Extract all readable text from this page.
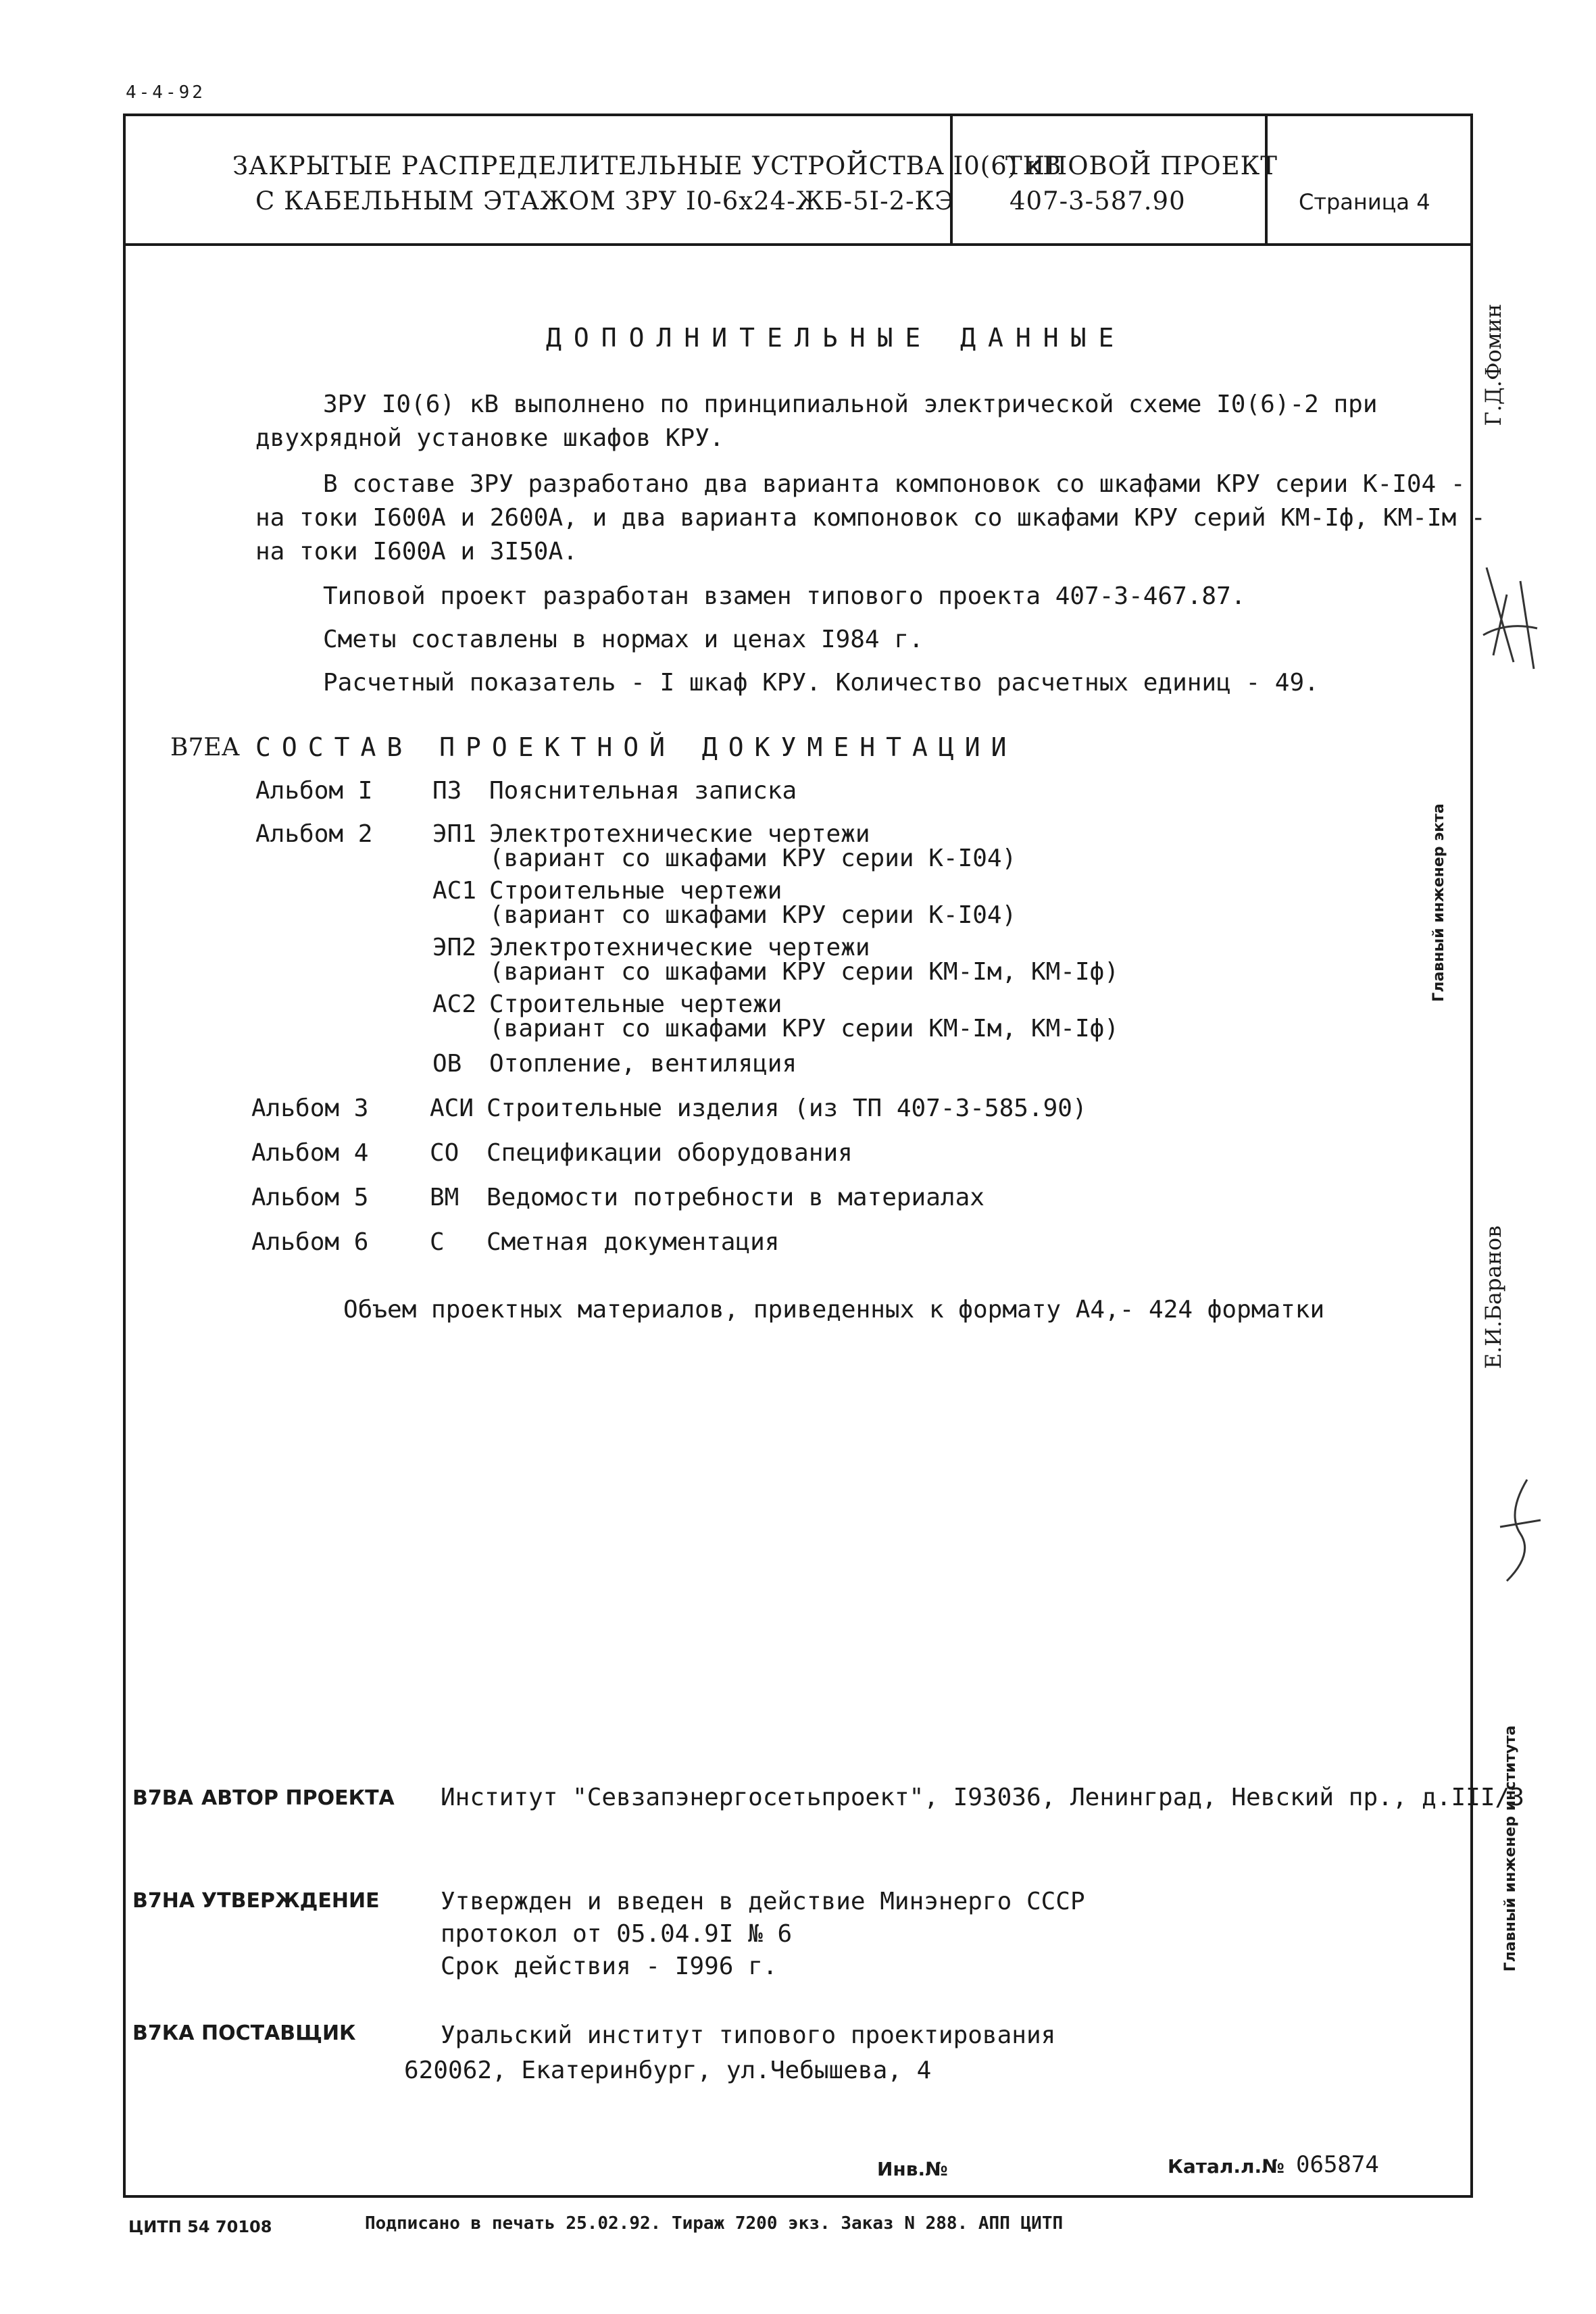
4-4-92
ЗАКРЫТЫЕ РАСПРЕДЕЛИТЕЛЬНЫЕ УСТРОЙСТВА I0(6) кВ
С КАБЕЛЬНЫМ ЭТАЖОМ ЗРУ I0-6х24-ЖБ-5I-2-КЭ
ТИПОВОЙ ПРОЕКТ
407-3-587.90	Страница 4
ДОПОЛНИТЕЛЬНЫЕ ДАННЫЕ
ЗРУ I0(6) кВ выполнено по принципиальной электрической схеме I0(6)-2 при
двухрядной установке шкафов КРУ.
В составе ЗРУ разработано два варианта компоновок со шкафами КРУ серии К-I04 -
на токи I600А и 2600А, и два варианта компоновок со шкафами КРУ серий КМ-Iф, КМ-Iм -
на токи I600А и 3I50А.
Типовой проект разработан взамен типового проекта 407-3-467.87.
Сметы составлены в нормах и ценах I984 г.
Расчетный показатель - I шкаф КРУ. Количество расчетных единиц - 49.
В7ЕА СОСТАВ ПРОЕКТНОЙ ДОКУМЕНТАЦИИ
Альбом I ПЗ Пояснительная записка
Альбом 2 ЭП1 Электротехнические чертежи
(вариант со шкафами КРУ серии К-I04)
АС1 Строительные чертежи
(вариант со шкафами КРУ серии К-I04)
ЭП2 Электротехнические чертежи
(вариант со шкафами КРУ серии КМ-Iм, КМ-Iф)
АС2 Строительные чертежи
(вариант со шкафами КРУ серии КМ-Iм, КМ-Iф)
ОВ Отопление, вентиляция
Альбом 3	АСИ Строительные изделия (из ТП 407-3-585.90)
Альбом 4	СО Спецификации оборудования
Альбом 5	ВМ Ведомости потребности в материалах
Альбом 6	С Сметная документация
Объем проектных материалов, приведенных к формату А4,- 424 форматки
В7ВА АВТОР ПРОЕКТА Институт "Севзапэнергосетьпроект", I93036, Ленинград, Невский пр., д.III/3
В7НА УТВЕРЖДЕНИЕ	Утвержден и введен в действие Минэнерго СССР
протокол от 05.04.9I № 6
Срок действия - I996 г.
В7КА ПОСТАВЩИК	Уральский институт типового проектирования
620062, Екатеринбург, ул.Чебышева, 4
Инв.№	Катал.л.№ 065874
ЦИТП 54 70108	Подписано в печать 25.02.92. Тираж 7200 экз. Заказ N 288. АПП ЦИТП
Г.Д.Фомин
Главный инженер экта
Е.И.Баранов
Главный инженер института
